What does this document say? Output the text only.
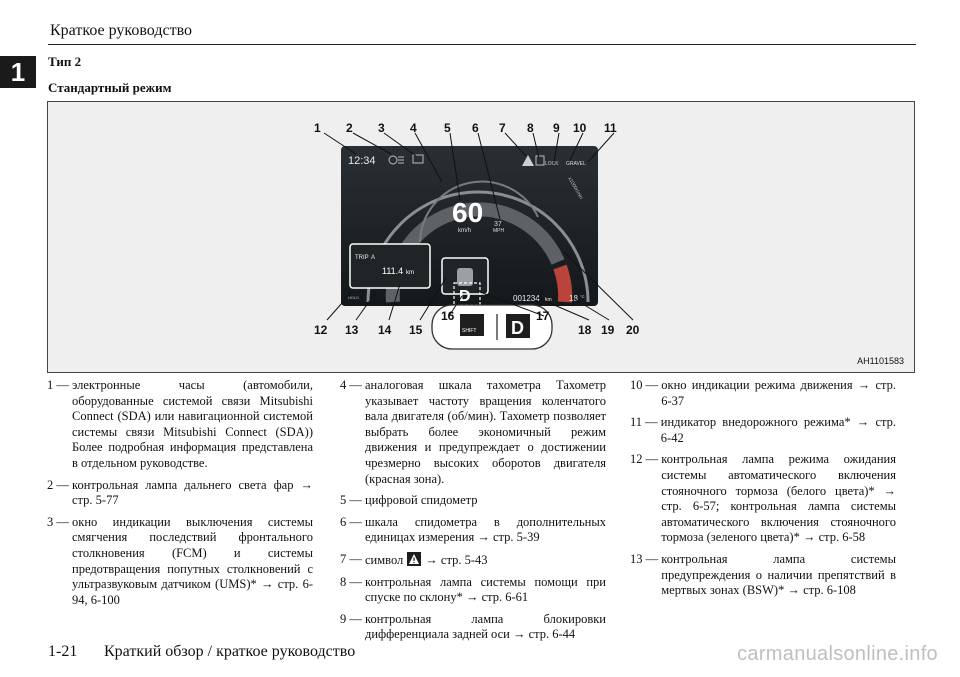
Краткое руководство
1	Тип 2
Стандартный режим
12:34	LOCK GRAVEL
x1000r/min
60
km/h
37
MPH
TRIP A
111.4 km
HOLD	D	001234 km 18 °C
SHIFT D
1 2 3 4 5 6 7 8 9 10 11
12 13 14 15
16	17
18 19 20
AH1101583
1 — электронные часы (автомобили, оборудованные системой связи Mitsubishi Connect (SDA) или навигационной системой системы связи Mitsubishi Connect (SDA)) Более подробная информация представлена в отдельном руководстве.
2 — контрольная лампа дальнего света фар → стр. 5-77
3 — окно индикации выключения системы смягчения последствий фронтального столкновения (FCM) и системы предотвращения попутных столкновений с ультразвуковым датчиком (UMS)* → стр. 6-94, 6-100
4 — аналоговая шкала тахометра Тахометр указывает частоту вращения коленчатого вала двигателя (об/мин). Тахометр позволяет выбрать более экономичный режим движения и предупреждает о достижении чрезмерно высоких оборотов двигателя (красная зона).
5 — цифровой спидометр
6 — шкала спидометра в дополнительных единицах измерения → стр. 5-39
7 — символ → стр. 5-43
8 — контрольная лампа системы помощи при спуске по склону* → стр. 6-61
9 — контрольная лампа блокировки дифференциала задней оси → стр. 6-44
10 — окно индикации режима движения → стр. 6-37
11 — индикатор внедорожного режима* → стр. 6-42
12 — контрольная лампа режима ожидания системы автоматического включения стояночного тормоза (белого цвета)* → стр. 6-57; контрольная лампа системы автоматического включения стояночного тормоза (зеленого цвета)* → стр. 6-58
13 — контрольная лампа системы предупреждения о наличии препятствий в мертвых зонах (BSW)* → стр. 6-108
1-21 Краткий обзор / краткое руководство	carmanualsonline.info
